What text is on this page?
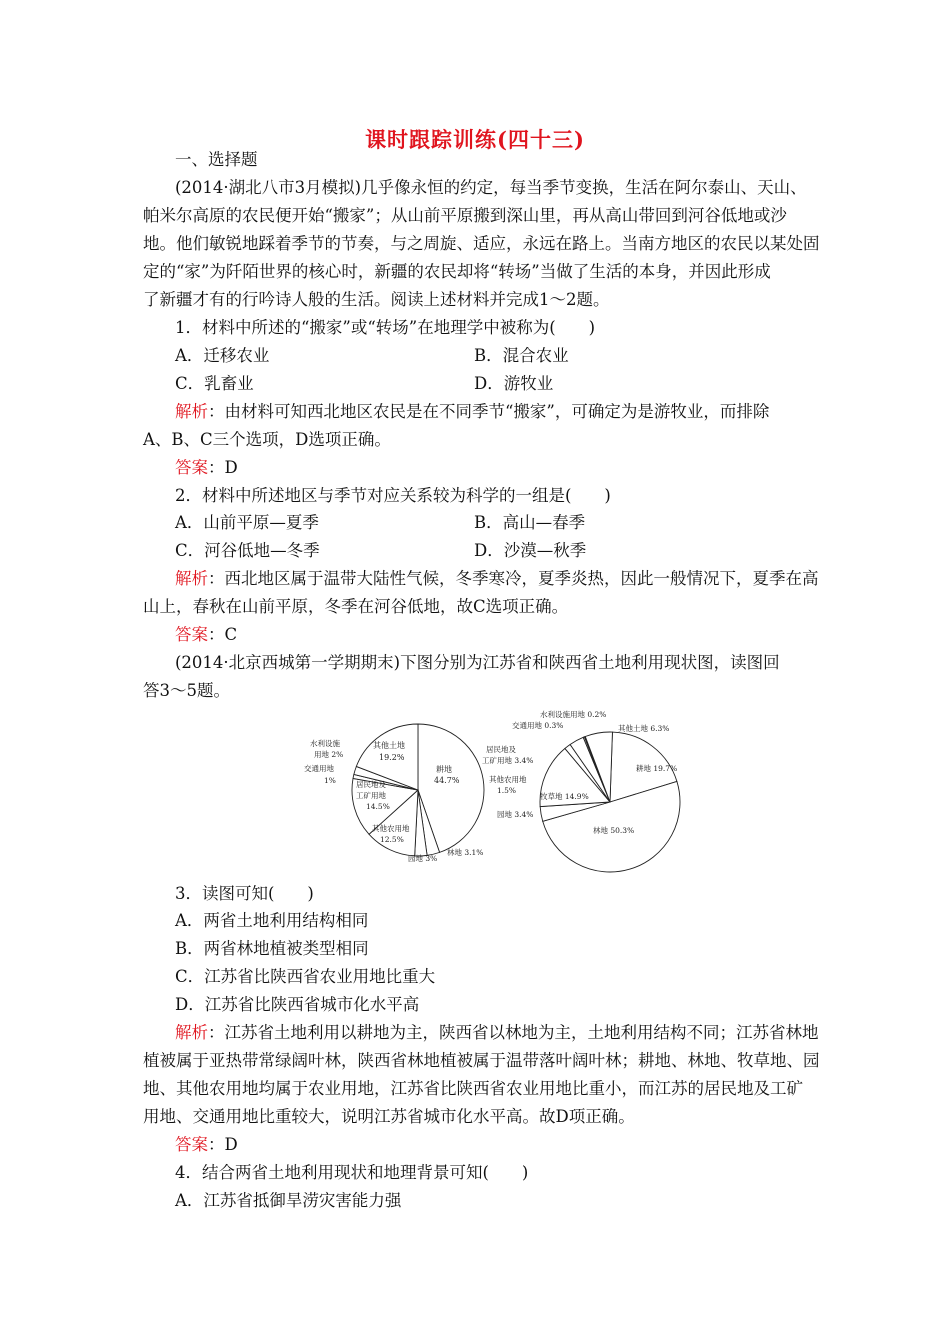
课时跟踪训练(四十三)
一、选择题
(2014·湖北八市3月模拟)几乎像永恒的约定，每当季节变换，生活在阿尔泰山、天山、
帕米尔高原的农民便开始“搬家”；从山前平原搬到深山里，再从高山带回到河谷低地或沙
地。他们敏锐地踩着季节的节奏，与之周旋、适应，永远在路上。当南方地区的农民以某处固
定的“家”为阡陌世界的核心时，新疆的农民却将“转场”当做了生活的本身，并因此形成
了新疆才有的行吟诗人般的生活。阅读上述材料并完成1～2题。
1．材料中所述的“搬家”或“转场”在地理学中被称为(　　)
A．迁移农业	B．混合农业
C．乳畜业	D．游牧业
解析：由材料可知西北地区农民是在不同季节“搬家”，可确定为是游牧业，而排除
A、B、C三个选项，D选项正确。
答案：D
2．材料中所述地区与季节对应关系较为科学的一组是(　　)
A．山前平原—夏季	B．高山—春季
C．河谷低地—冬季	D．沙漠—秋季
解析：西北地区属于温带大陆性气候，冬季寒冷，夏季炎热，因此一般情况下，夏季在高
山上，春秋在山前平原，冬季在河谷低地，故C选项正确。
答案：C
(2014·北京西城第一学期期末)下图分别为江苏省和陕西省土地利用现状图，读图回
答3～5题。
其他土地
19.2%
耕地
44.7%
水利设施
用地 2%
交通用地
1%	居民地及
工矿用地
14.5%
其他农用地
12.5%
园地 3%
林地 3.1%
水利设施用地 0.2%
交通用地 0.3%	其他土地 6.3%
居民地及
工矿用地 3.4%
其他农用地
1.5%
牧草地 14.9%
耕地 19.7%
园地 3.4%
林地 50.3%
3．读图可知(　　)
A．两省土地利用结构相同
B．两省林地植被类型相同
C．江苏省比陕西省农业用地比重大
D．江苏省比陕西省城市化水平高
解析：江苏省土地利用以耕地为主，陕西省以林地为主，土地利用结构不同；江苏省林地
植被属于亚热带常绿阔叶林，陕西省林地植被属于温带落叶阔叶林；耕地、林地、牧草地、园
地、其他农用地均属于农业用地，江苏省比陕西省农业用地比重小，而江苏的居民地及工矿
用地、交通用地比重较大，说明江苏省城市化水平高。故D项正确。
答案：D
4．结合两省土地利用现状和地理背景可知(　　)
A．江苏省抵御旱涝灾害能力强
